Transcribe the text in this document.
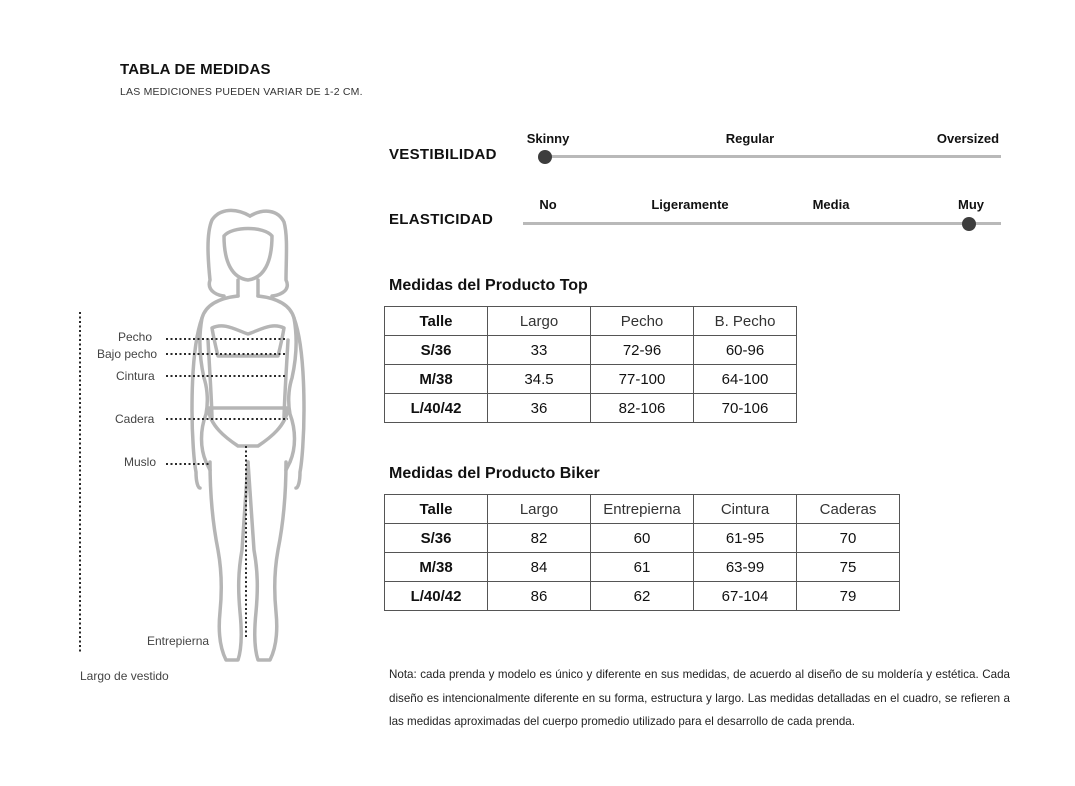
TABLA DE MEDIDAS
LAS MEDICIONES PUEDEN VARIAR DE 1-2 CM.
VESTIBILIDAD
Skinny	Regular	Oversized
ELASTICIDAD
No	Ligeramente	Media	Muy
Medidas del Producto Top
Talle	Largo	Pecho	B. Pecho
S/36	33	72-96	60-96
M/38	34.5	77-100	64-100
L/40/42	36	82-106	70-106
Medidas del Producto Biker
Talle	Largo	Entrepierna	Cintura	Caderas
S/36	82	60	61-95	70
M/38	84	61	63-99	75
L/40/42	86	62	67-104	79
Nota: cada prenda y modelo es único y diferente en sus medidas, de acuerdo al diseño de su moldería y estética. Cada diseño es intencionalmente diferente en su forma, estructura y largo. Las medidas detalladas en el cuadro, se refieren a las medidas aproximadas del cuerpo promedio utilizado para el desarrollo de cada prenda.
Pecho
Bajo pecho
Cintura
Cadera
Muslo
Entrepierna
Largo de vestido
